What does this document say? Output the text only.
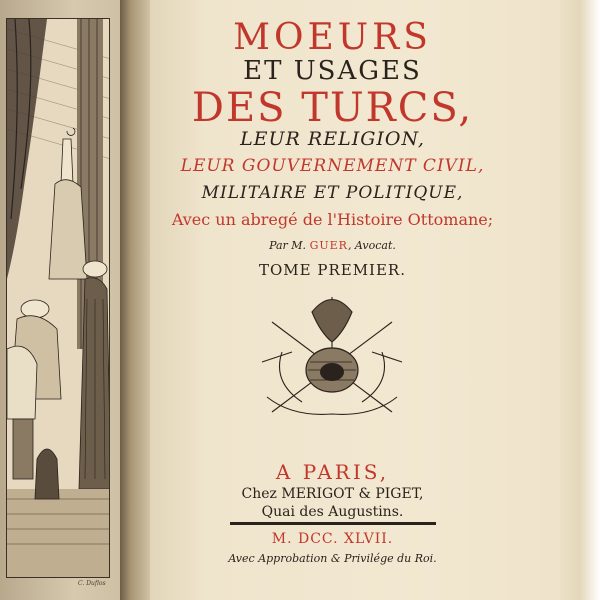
C. Duflos
MOEURS
ET USAGES
DES TURCS,
LEUR RELIGION,
LEUR GOUVERNEMENT CIVIL,
MILITAIRE ET POLITIQUE,
Avec un abregé de l'Histoire Ottomane;
Par M. GUER, Avocat.
TOME PREMIER.
A PARIS,
Chez MERIGOT & PIGET,
Quai des Augustins.
M. DCC. XLVII.
Avec Approbation & Privilége du Roi.
